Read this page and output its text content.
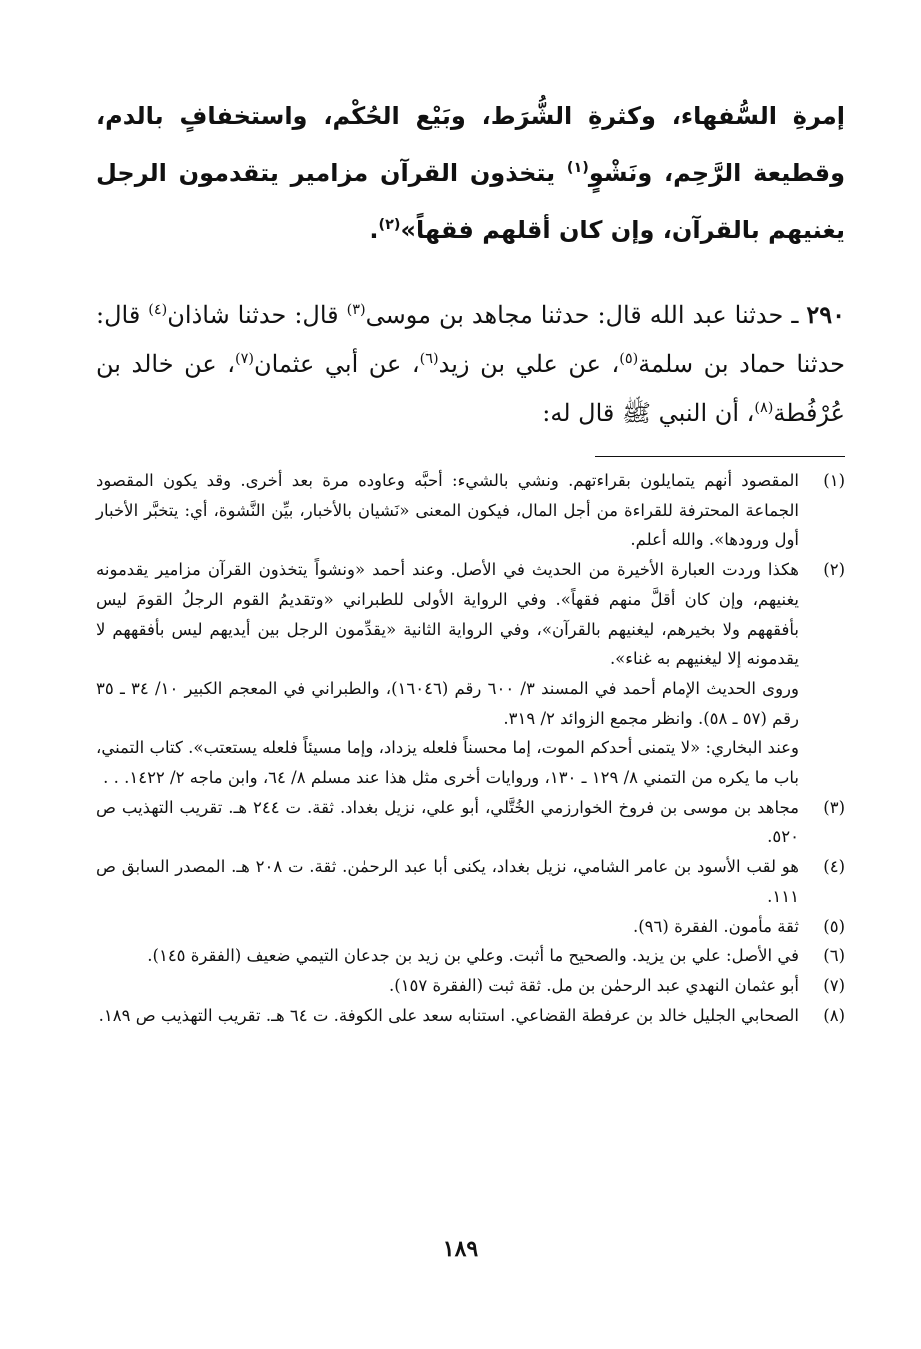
إمرةِ السُّفهاء، وكثرةِ الشُّرَط، وبَيْع الحُكْم، واستخفافٍ بالدم، وقطيعة الرَّحِم، ونَشْوٍ$^{(١)}$ يتخذون القرآن مزامير يتقدمون الرجل يغنيهم بالقرآن، وإن كان أقلهم فقهاً»$^{(٢)}$.
٢٩٠ ـ حدثنا عبد الله قال: حدثنا مجاهد بن موسى$^{(٣)}$ قال: حدثنا شاذان$^{(٤)}$ قال: حدثنا حماد بن سلمة$^{(٥)}$، عن علي بن زيد$^{(٦)}$، عن أبي عثمان$^{(٧)}$، عن خالد بن عُرْفُطة$^{(٨)}$، أن النبي ﷺ قال له:
(١)
المقصود أنهم يتمايلون بقراءتهم. ونشي بالشيء: أحبَّه وعاوده مرة بعد أخرى. وقد يكون المقصود الجماعة المحترفة للقراءة من أجل المال، فيكون المعنى «نَشيان بالأخبار، بيِّن النَّشوة، أي: يتخبَّر الأخبار أول ورودها». والله أعلم.
(٢)
هكذا وردت العبارة الأخيرة من الحديث في الأصل. وعند أحمد «ونشواً يتخذون القرآن مزامير يقدمونه يغنيهم، وإن كان أقلَّ منهم فقهاً». وفي الرواية الأولى للطبراني «وتقديمُ القوم الرجلُ القومَ ليس بأفقههم ولا بخيرهم، ليغنيهم بالقرآن»، وفي الرواية الثانية «يقدِّمون الرجل بين أيديهم ليس بأفقههم لا يقدمونه إلا ليغنيهم به غناء».
وروى الحديث الإمام أحمد في المسند ٣/ ٦٠٠ رقم (١٦٠٤٦)، والطبراني في المعجم الكبير ١٠/ ٣٤ ـ ٣٥ رقم (٥٧ ـ ٥٨). وانظر مجمع الزوائد ٢/ ٣١٩.
وعند البخاري: «لا يتمنى أحدكم الموت، إما محسناً فلعله يزداد، وإما مسيئاً فلعله يستعتب». كتاب التمني، باب ما يكره من التمني ٨/ ١٢٩ ـ ١٣٠، وروايات أخرى مثل هذا عند مسلم ٨/ ٦٤، وابن ماجه ٢/ ١٤٢٢. . .
(٣)
مجاهد بن موسى بن فروخ الخوارزمي الخُتَّلي، أبو علي، نزيل بغداد. ثقة. ت ٢٤٤ هـ. تقريب التهذيب ص ٥٢٠.
(٤)
هو لقب الأسود بن عامر الشامي، نزيل بغداد، يكنى أبا عبد الرحمٰن. ثقة. ت ٢٠٨ هـ. المصدر السابق ص ١١١.
(٥)
ثقة مأمون. الفقرة (٩٦).
(٦)
في الأصل: علي بن يزيد. والصحيح ما أثبت. وعلي بن زيد بن جدعان التيمي ضعيف (الفقرة ١٤٥).
(٧)
أبو عثمان النهدي عبد الرحمٰن بن مل. ثقة ثبت (الفقرة ١٥٧).
(٨)
الصحابي الجليل خالد بن عرفطة القضاعي. استنابه سعد على الكوفة. ت ٦٤ هـ. تقريب التهذيب ص ١٨٩.
١٨٩
